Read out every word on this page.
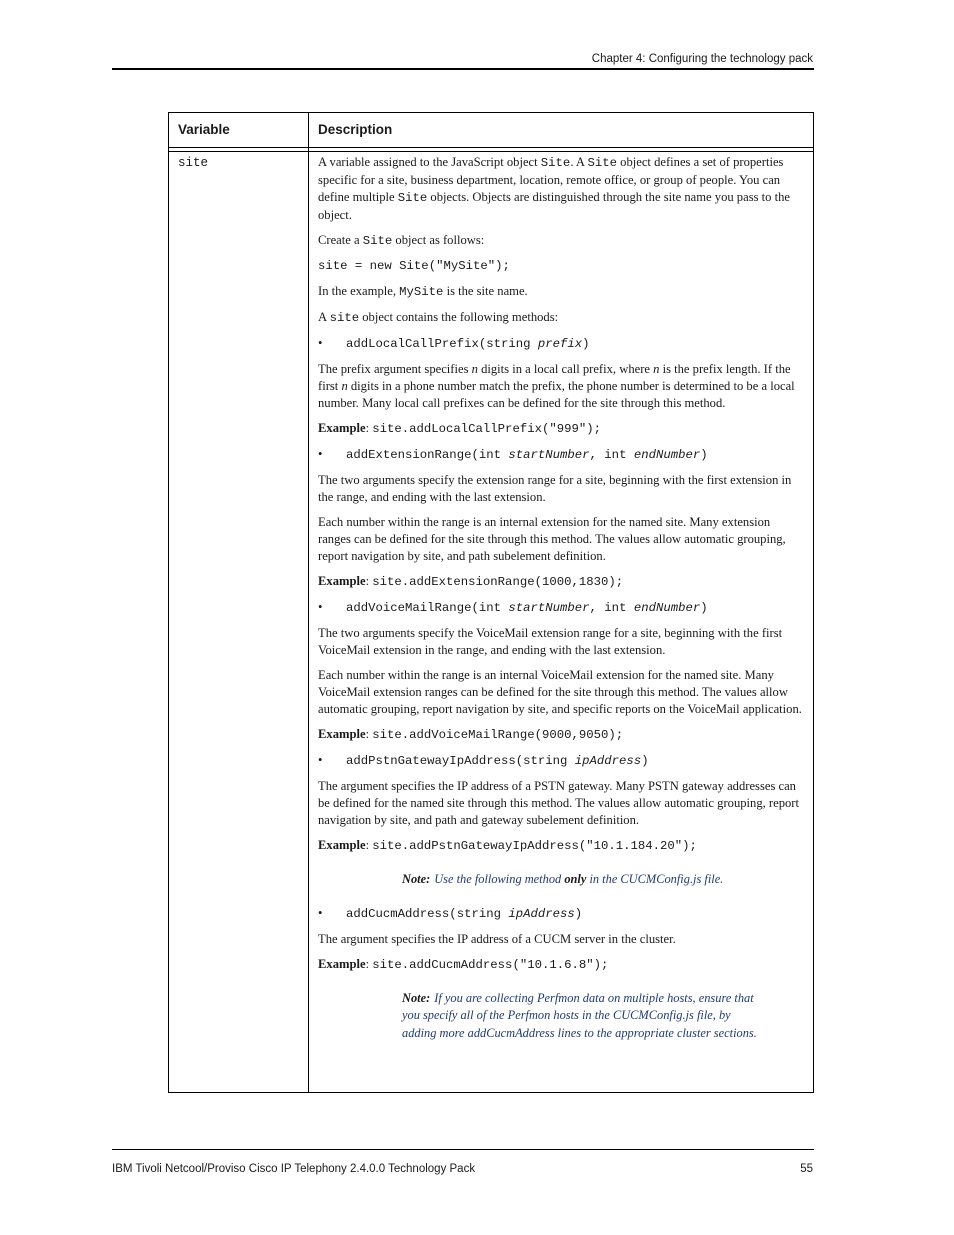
Chapter 4: Configuring the technology pack
Variable	Description
site	A variable assigned to the JavaScript object Site. A Site object defines a set of properties specific for a site, business department, location, remote office, or group of people. You can define multiple Site objects. Objects are distinguished through the site name you pass to the object.

Create a Site object as follows:

site = new Site("MySite");

In the example, MySite is the site name.

A site object contains the following methods:

• addLocalCallPrefix(string prefix)

The prefix argument specifies n digits in a local call prefix, where n is the prefix length. If the first n digits in a phone number match the prefix, the phone number is determined to be a local number. Many local call prefixes can be defined for the site through this method.

Example: site.addLocalCallPrefix("999");

• addExtensionRange(int startNumber, int endNumber)

The two arguments specify the extension range for a site, beginning with the first extension in the range, and ending with the last extension.

Each number within the range is an internal extension for the named site. Many extension ranges can be defined for the site through this method. The values allow automatic grouping, report navigation by site, and path subelement definition.

Example: site.addExtensionRange(1000,1830);

• addVoiceMailRange(int startNumber, int endNumber)

The two arguments specify the VoiceMail extension range for a site, beginning with the first VoiceMail extension in the range, and ending with the last extension.

Each number within the range is an internal VoiceMail extension for the named site. Many VoiceMail extension ranges can be defined for the site through this method. The values allow automatic grouping, report navigation by site, and specific reports on the VoiceMail application.

Example: site.addVoiceMailRange(9000,9050);

• addPstnGatewayIpAddress(string ipAddress)

The argument specifies the IP address of a PSTN gateway. Many PSTN gateway addresses can be defined for the named site through this method. The values allow automatic grouping, report navigation by site, and path and gateway subelement definition.

Example: site.addPstnGatewayIpAddress("10.1.184.20");

Note: Use the following method only in the CUCMConfig.js file.
• addCucmAddress(string ipAddress)

The argument specifies the IP address of a CUCM server in the cluster.

Example: site.addCucmAddress("10.1.6.8");

Note: If you are collecting Perfmon data on multiple hosts, ensure that you specify all of the Perfmon hosts in the CUCMConfig.js file, by adding more addCucmAddress lines to the appropriate cluster sections.
IBM Tivoli Netcool/Proviso Cisco IP Telephony 2.4.0.0 Technology Pack	55
